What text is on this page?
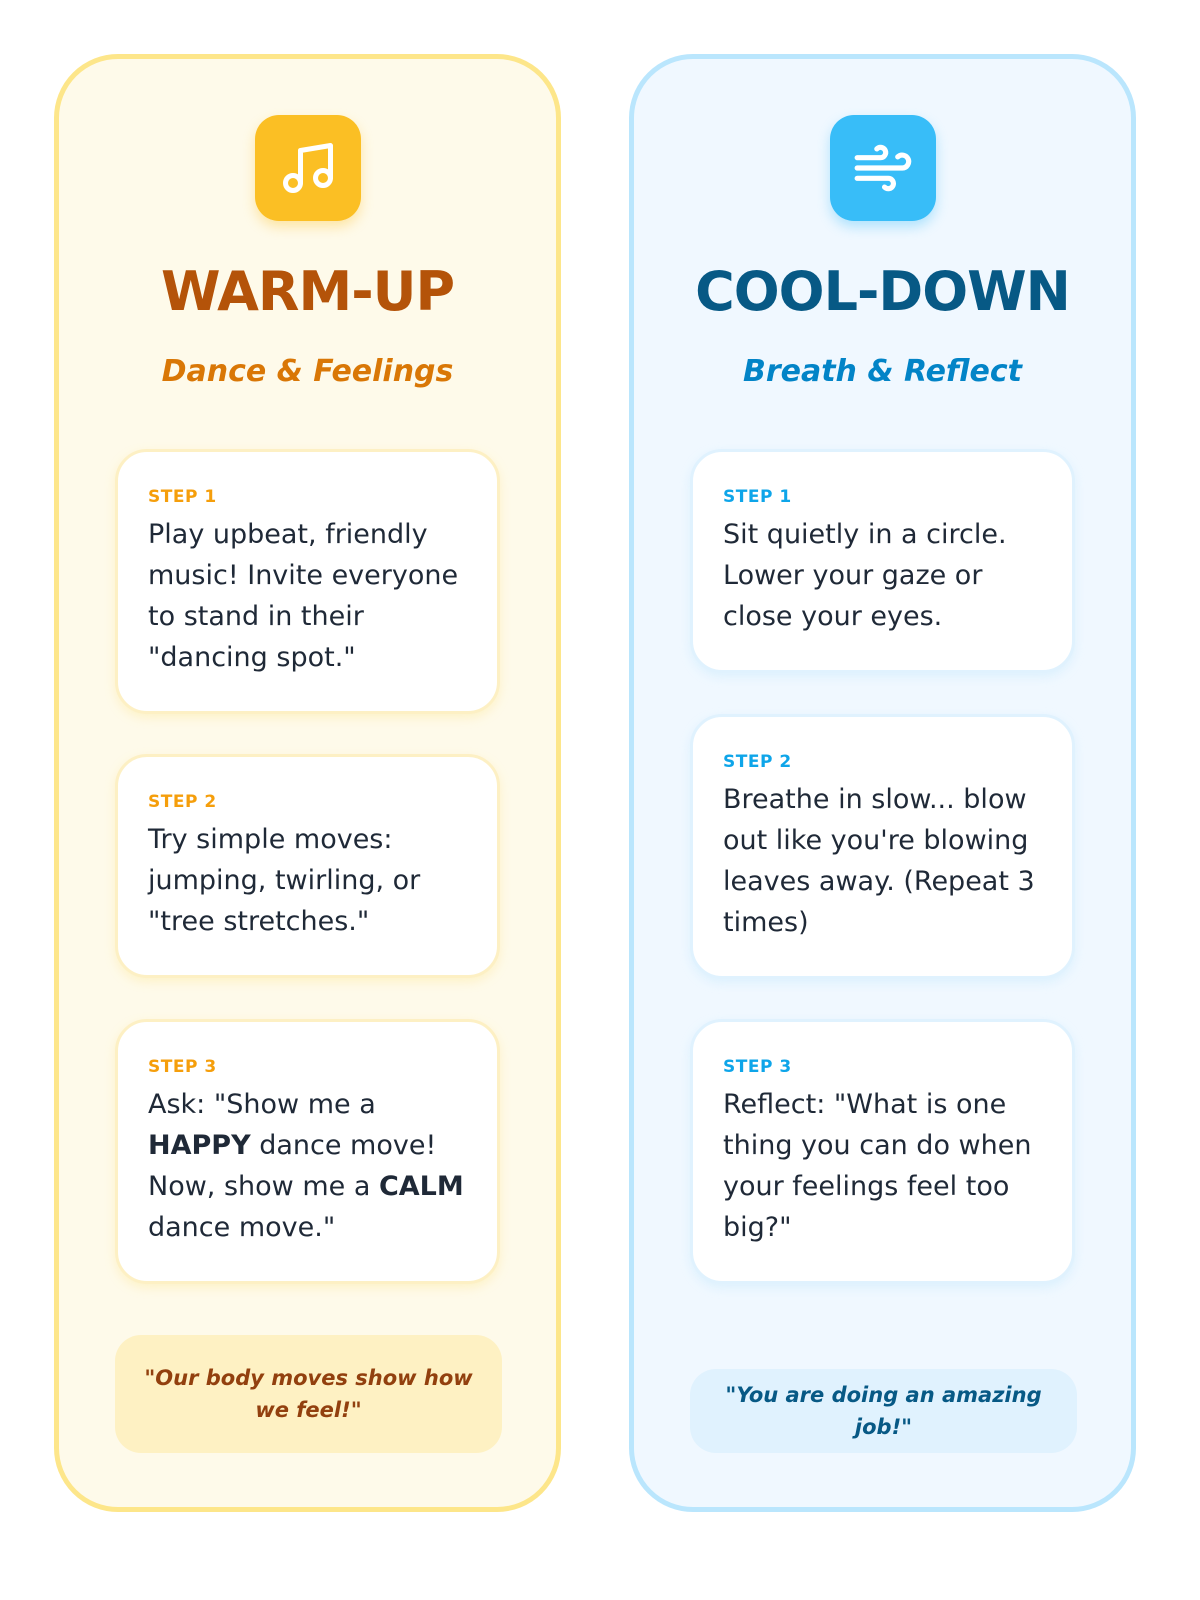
WARM-UP
Dance & Feelings
STEP 1
Play upbeat, friendly music! Invite everyone to stand in their "dancing spot."
STEP 2
Try simple moves: jumping, twirling, or "tree stretches."
STEP 3
Ask: "Show me a HAPPY dance move! Now, show me a CALM dance move."
"Our body moves show how we feel!"
COOL-DOWN
Breath & Reflect
STEP 1
Sit quietly in a circle. Lower your gaze or close your eyes.
STEP 2
Breathe in slow... blow out like you're blowing leaves away. (Repeat 3 times)
STEP 3
Reflect: "What is one thing you can do when your feelings feel too big?"
"You are doing an amazing job!"
